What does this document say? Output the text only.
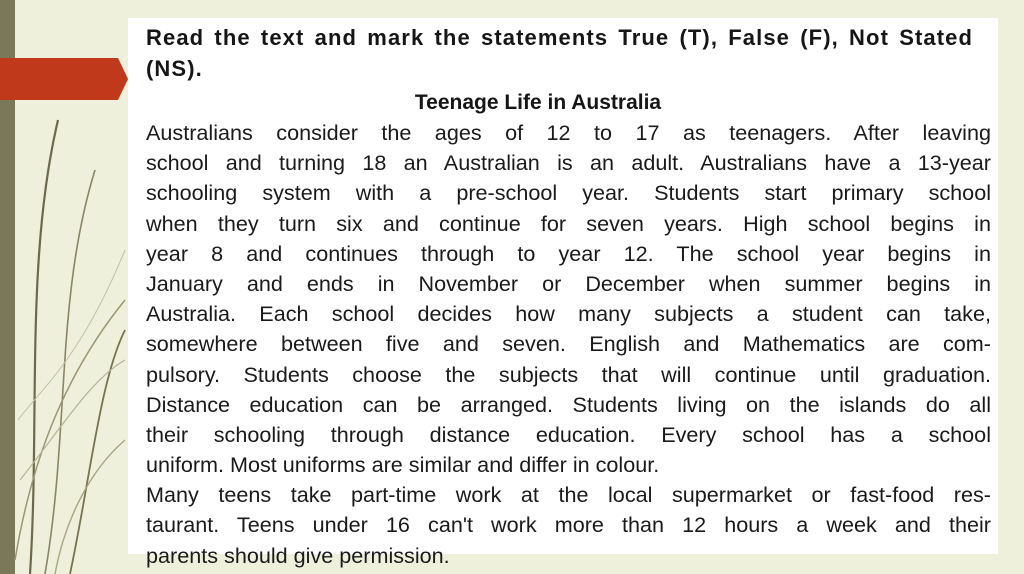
Read the text and mark the statements True (T), False (F), Not Stated (NS).
Teenage Life in Australia
Australians consider the ages of 12 to 17 as teenagers. After leaving
school and turning 18 an Australian is an adult. Australians have a 13-year
schooling system with a pre-school year. Students start primary school
when they turn six and continue for seven years. High school begins in
year 8 and continues through to year 12. The school year begins in
January and ends in November or December when summer begins in
Australia. Each school decides how many subjects a student can take,
somewhere between five and seven. English and Mathematics are com-
pulsory. Students choose the subjects that will continue until graduation.
Distance education can be arranged. Students living on the islands do all
their schooling through distance education. Every school has a school
uniform. Most uniforms are similar and differ in colour.
Many teens take part-time work at the local supermarket or fast-food res-
taurant. Teens under 16 can't work more than 12 hours a week and their
parents should give permission.
